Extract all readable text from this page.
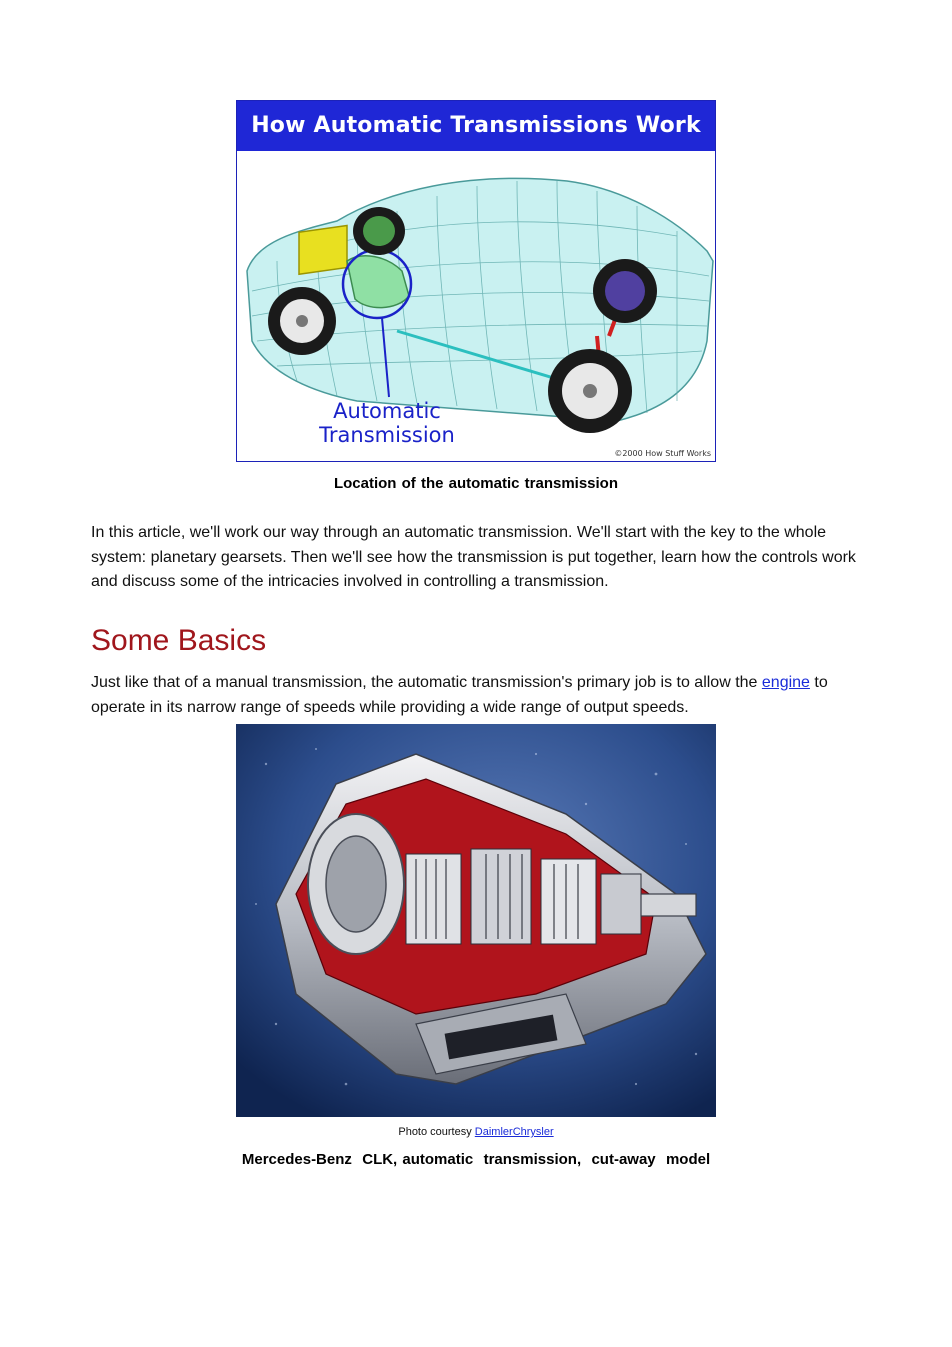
How Automatic Transmissions Work
Automatic
Transmission
©2000 How Stuff Works
Location of the automatic transmission

In this article, we'll work our way through an automatic transmission. We'll start with the key to the whole system: planetary gearsets. Then we'll see how the transmission is put together, learn how the controls work and discuss some of the intricacies involved in controlling a transmission.

Some Basics

Just like that of a manual transmission, the automatic transmission's primary job is to allow the engine to operate in its narrow range of speeds while providing a wide range of output speeds.

Photo courtesy DaimlerChrysler
Mercedes-Benz  CLK, automatic  transmission,  cut-away  model
